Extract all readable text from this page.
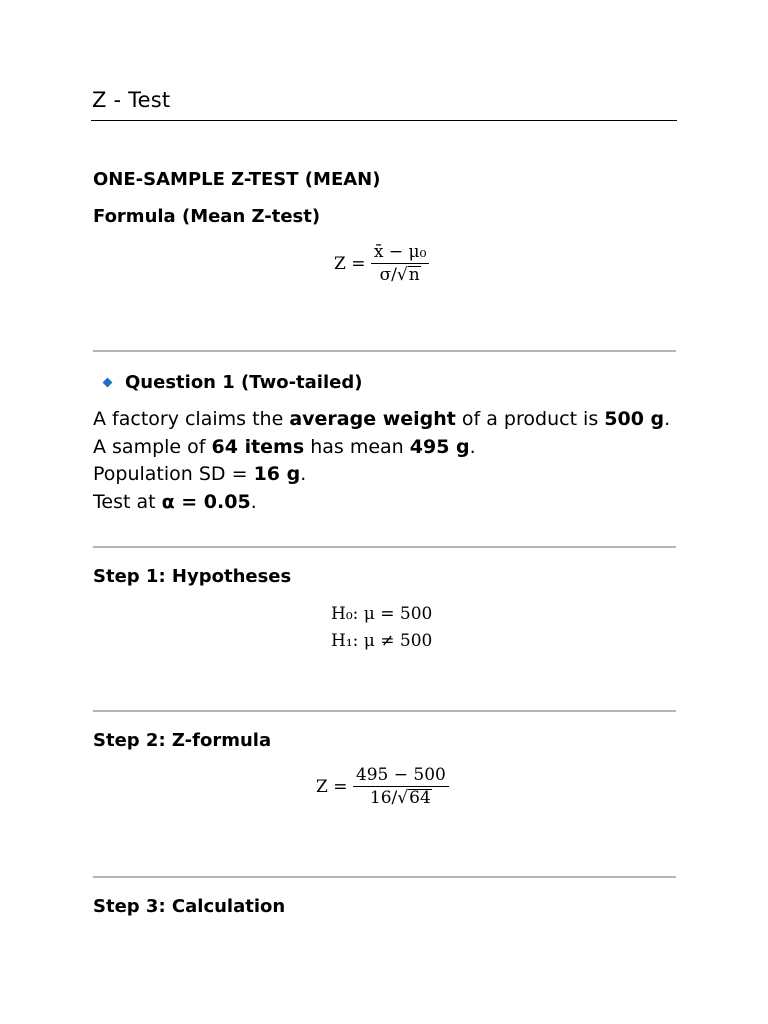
Z - Test
ONE-SAMPLE Z-TEST (MEAN)
Formula (Mean Z-test)
$Z = \frac{\text{x̄ − μ₀}}{\sigma/√n}$
Question 1 (Two-tailed)
A factory claims the average weight of a product is 500 g.
A sample of 64 items has mean 495 g.
Population SD = 16 g.
Test at α = 0.05.
Step 1: Hypotheses
H₀: μ = 500
H₁: μ ≠ 500
Step 2: Z-formula
$Z = \frac{495 - 500}{16/√64}$
Step 3: Calculation
